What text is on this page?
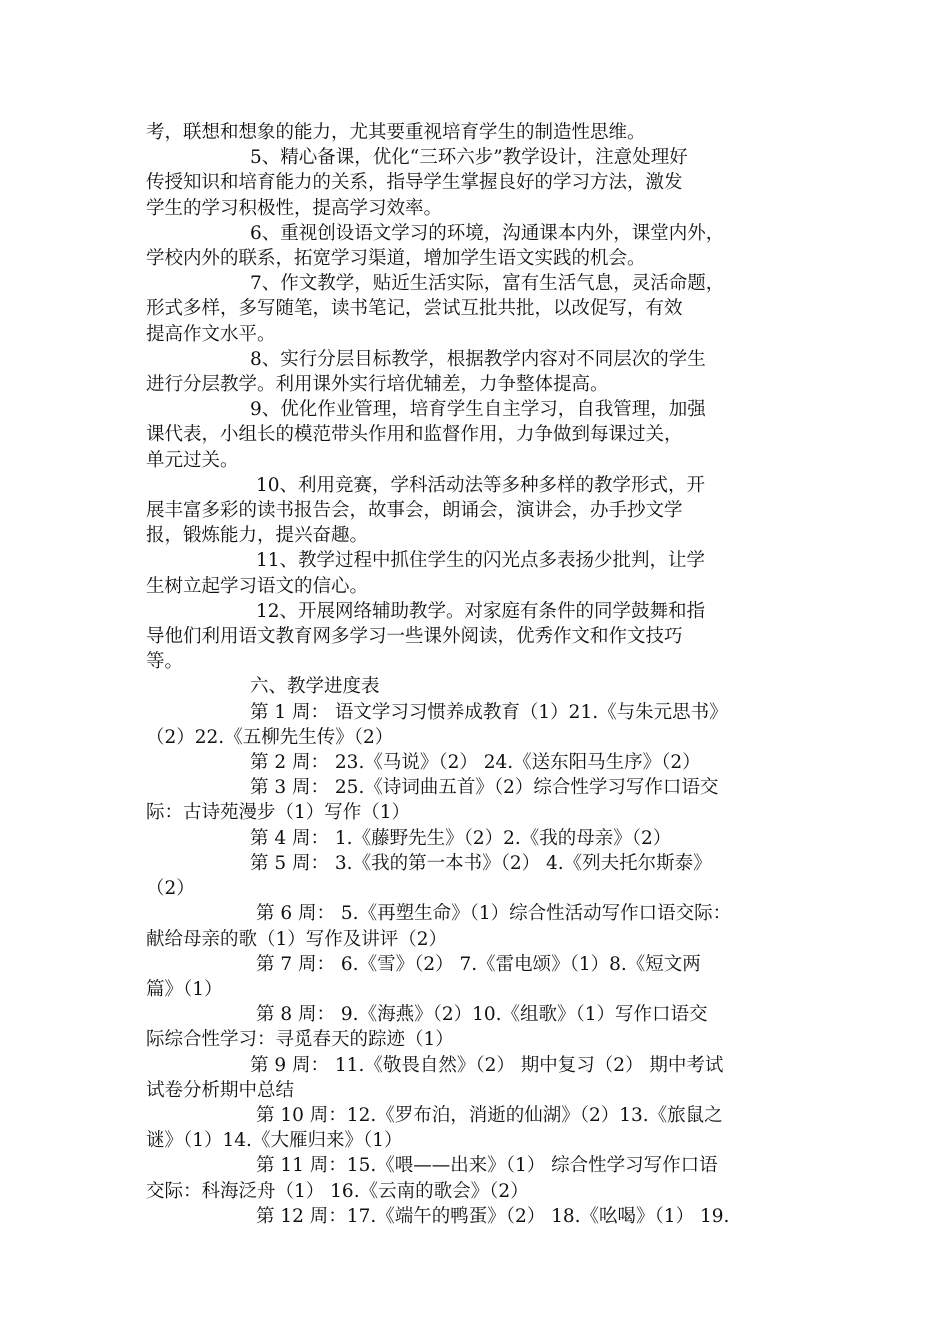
考，联想和想象的能力，尤其要重视培育学生的制造性思维。
5、精心备课，优化“三环六步”教学设计，注意处理好
传授知识和培育能力的关系，指导学生掌握良好的学习方法，激发
学生的学习积极性，提高学习效率。
6、重视创设语文学习的环境，沟通课本内外，课堂内外，
学校内外的联系，拓宽学习渠道，增加学生语文实践的机会。
7、作文教学，贴近生活实际，富有生活气息，灵活命题，
形式多样，多写随笔，读书笔记，尝试互批共批，以改促写，有效
提高作文水平。
8、实行分层目标教学，根据教学内容对不同层次的学生
进行分层教学。利用课外实行培优辅差，力争整体提高。
9、优化作业管理，培育学生自主学习，自我管理，加强
课代表，小组长的模范带头作用和监督作用，力争做到每课过关，
单元过关。
10、利用竞赛，学科活动法等多种多样的教学形式，开
展丰富多彩的读书报告会，故事会，朗诵会，演讲会，办手抄文学
报，锻炼能力，提兴奋趣。
11、教学过程中抓住学生的闪光点多表扬少批判，让学
生树立起学习语文的信心。
12、开展网络辅助教学。对家庭有条件的同学鼓舞和指
导他们利用语文教育网多学习一些课外阅读，优秀作文和作文技巧
等。
六、教学进度表
第 1 周： 语文学习习惯养成教育（1）21.《与朱元思书》
（2）22.《五柳先生传》（2）
第 2 周： 23.《马说》（2） 24.《送东阳马生序》（2）
第 3 周： 25.《诗词曲五首》（2）综合性学习写作口语交
际：古诗苑漫步（1）写作（1）
第 4 周： 1.《藤野先生》（2）2.《我的母亲》（2）
第 5 周： 3.《我的第一本书》（2） 4.《列夫托尔斯泰》
（2）
第 6 周： 5.《再塑生命》（1）综合性活动写作口语交际：
献给母亲的歌（1）写作及讲评（2）
第 7 周： 6.《雪》（2） 7.《雷电颂》（1）8.《短文两
篇》（1）
第 8 周： 9.《海燕》（2）10.《组歌》（1）写作口语交
际综合性学习：寻觅春天的踪迹（1）
第 9 周： 11.《敬畏自然》（2） 期中复习（2） 期中考试
试卷分析期中总结
第 10 周：12.《罗布泊，消逝的仙湖》（2）13.《旅鼠之
谜》（1）14.《大雁归来》（1）
第 11 周：15.《喂——出来》（1） 综合性学习写作口语
交际：科海泛舟（1） 16.《云南的歌会》（2）
第 12 周：17.《端午的鸭蛋》（2） 18.《吆喝》（1） 19.
